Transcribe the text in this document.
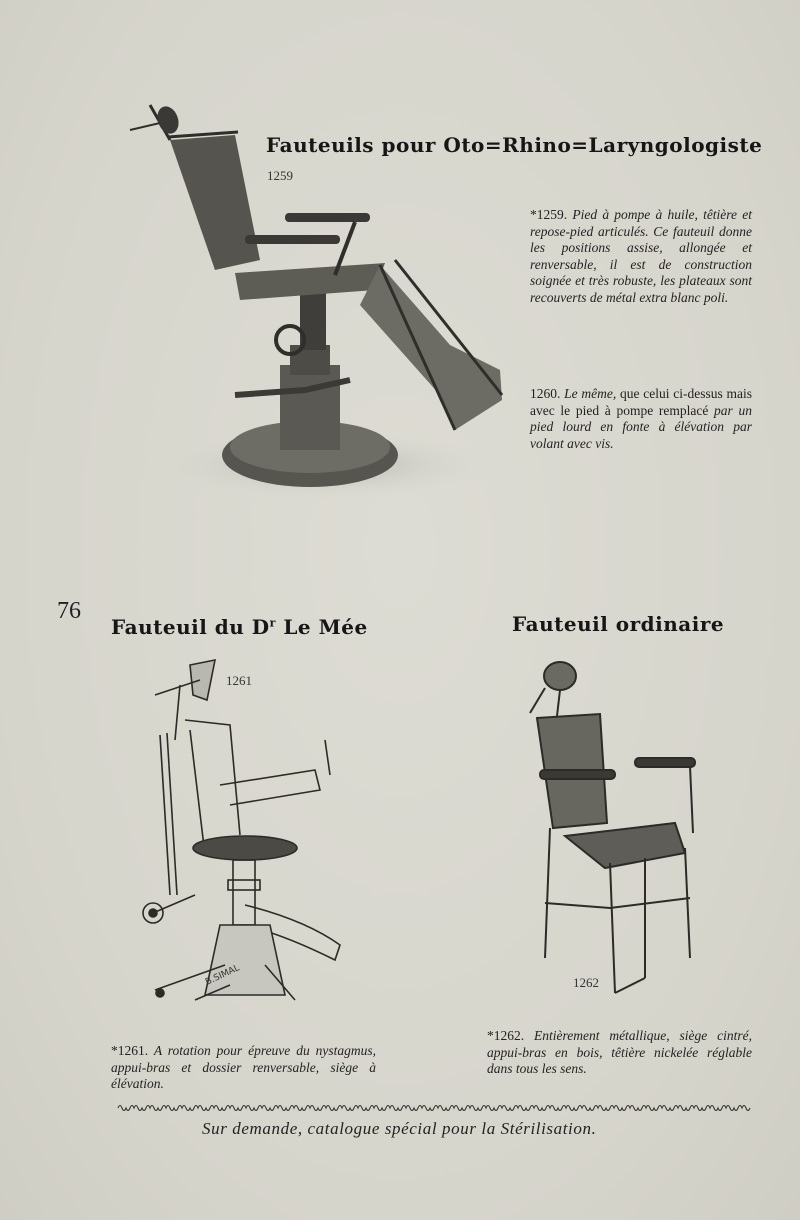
Fauteuils pour Oto=Rhino=Laryngologiste
1259
*1259. Pied à pompe à huile, têtière et repose-pied articulés. Ce fauteuil donne les positions assise, allongée et renversable, il est de construction soignée et très robuste, les plateaux sont recouverts de métal extra blanc poli.
1260. Le même, que celui ci-dessus mais avec le pied à pompe remplacé par un pied lourd en fonte à élévation par volant avec vis.
76
Fauteuil du $D^r$ Le Mée
1261
B.SIMAL
*1261. A rotation pour épreuve du nystagmus, appui-bras et dossier renversable, siège à élévation.
Fauteuil ordinaire
1262
*1262. Entièrement métallique, siège cintré, appui-bras en bois, têtière nickelée réglable dans tous les sens.
Sur demande, catalogue spécial pour la Stérilisation.
